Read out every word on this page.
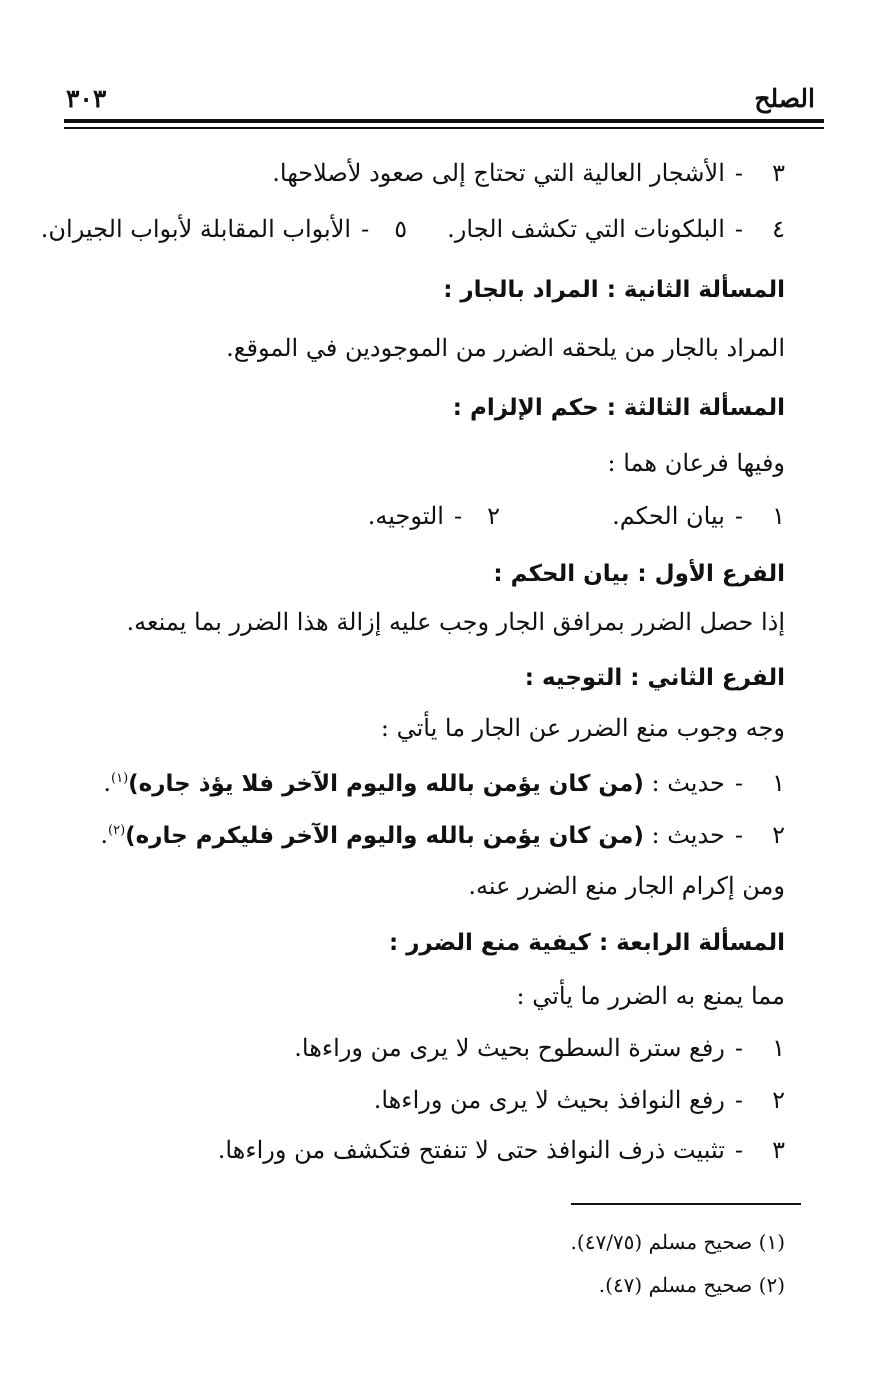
الصلح
٣٠٣
٣-الأشجار العالية التي تحتاج إلى صعود لأصلاحها.
٤-البلكونات التي تكشف الجار.٥-الأبواب المقابلة لأبواب الجيران.
المسألة الثانية : المراد بالجار :
المراد بالجار من يلحقه الضرر من الموجودين في الموقع.
المسألة الثالثة : حكم الإلزام :
وفيها فرعان هما :
١-بيان الحكم.٢-التوجيه.
الفرع الأول : بيان الحكم :
إذا حصل الضرر بمرافق الجار وجب عليه إزالة هذا الضرر بما يمنعه.
الفرع الثاني : التوجيه :
وجه وجوب منع الضرر عن الجار ما يأتي :
١-حديث : (من كان يؤمن بالله واليوم الآخر فلا يؤذ جاره)$^{(١)}$.
٢-حديث : (من كان يؤمن بالله واليوم الآخر فليكرم جاره)$^{(٢)}$.
ومن إكرام الجار منع الضرر عنه.
المسألة الرابعة : كيفية منع الضرر :
مما يمنع به الضرر ما يأتي :
١-رفع سترة السطوح بحيث لا يرى من وراءها.
٢-رفع النوافذ بحيث لا يرى من وراءها.
٣-تثبيت ذرف النوافذ حتى لا تنفتح فتكشف من وراءها.
(١) صحيح مسلم (٤٧/٧٥).
(٢) صحيح مسلم (٤٧).
